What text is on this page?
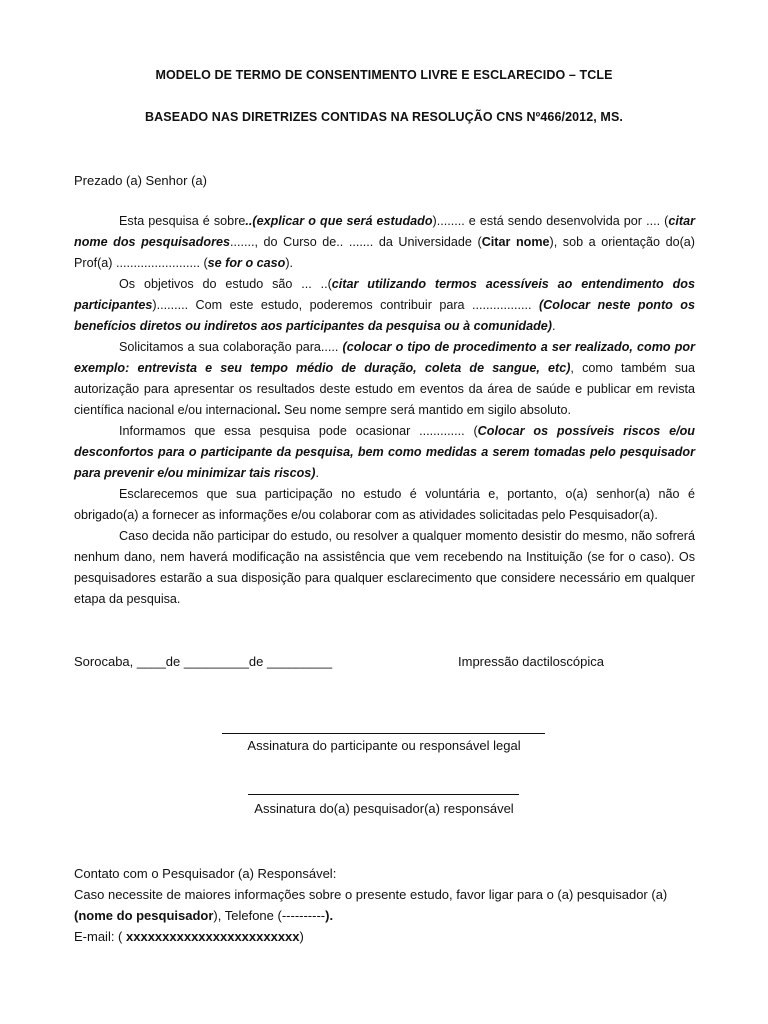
MODELO DE TERMO DE CONSENTIMENTO LIVRE E ESCLARECIDO – TCLE
BASEADO NAS DIRETRIZES CONTIDAS NA RESOLUÇÃO CNS Nº466/2012, MS.
Prezado (a) Senhor (a)

Esta pesquisa é sobre..(explicar o que será estudado)........ e está sendo desenvolvida por .... (citar nome dos pesquisadores......., do Curso de.. ....... da Universidade (Citar nome), sob a orientação do(a) Prof(a) ........................ (se for o caso).

Os objetivos do estudo são ... ..(citar utilizando termos acessíveis ao entendimento dos participantes)......... Com este estudo, poderemos contribuir para ................. (Colocar neste ponto os benefícios diretos ou indiretos aos participantes da pesquisa ou à comunidade).

Solicitamos a sua colaboração para..... (colocar o tipo de procedimento a ser realizado, como por exemplo: entrevista e seu tempo médio de duração, coleta de sangue, etc), como também sua autorização para apresentar os resultados deste estudo em eventos da área de saúde e publicar em revista científica nacional e/ou internacional. Seu nome sempre será mantido em sigilo absoluto.

Informamos que essa pesquisa pode ocasionar ............. (Colocar os possíveis riscos e/ou desconfortos para o participante da pesquisa, bem como medidas a serem tomadas pelo pesquisador para prevenir e/ou minimizar tais riscos).

Esclarecemos que sua participação no estudo é voluntária e, portanto, o(a) senhor(a) não é obrigado(a) a fornecer as informações e/ou colaborar com as atividades solicitadas pelo Pesquisador(a).

Caso decida não participar do estudo, ou resolver a qualquer momento desistir do mesmo, não sofrerá nenhum dano, nem haverá modificação na assistência que vem recebendo na Instituição (se for o caso). Os pesquisadores estarão a sua disposição para qualquer esclarecimento que considere necessário em qualquer etapa da pesquisa.

Sorocaba, ____de _________de _________	Impressão dactiloscópica
Assinatura do participante ou responsável legal
Assinatura do(a) pesquisador(a) responsável
Contato com o Pesquisador (a) Responsável:
Caso necessite de maiores informações sobre o presente estudo, favor ligar para o (a) pesquisador (a)
(nome do pesquisador), Telefone (----------).
E-mail: ( xxxxxxxxxxxxxxxxxxxxxxxx)
